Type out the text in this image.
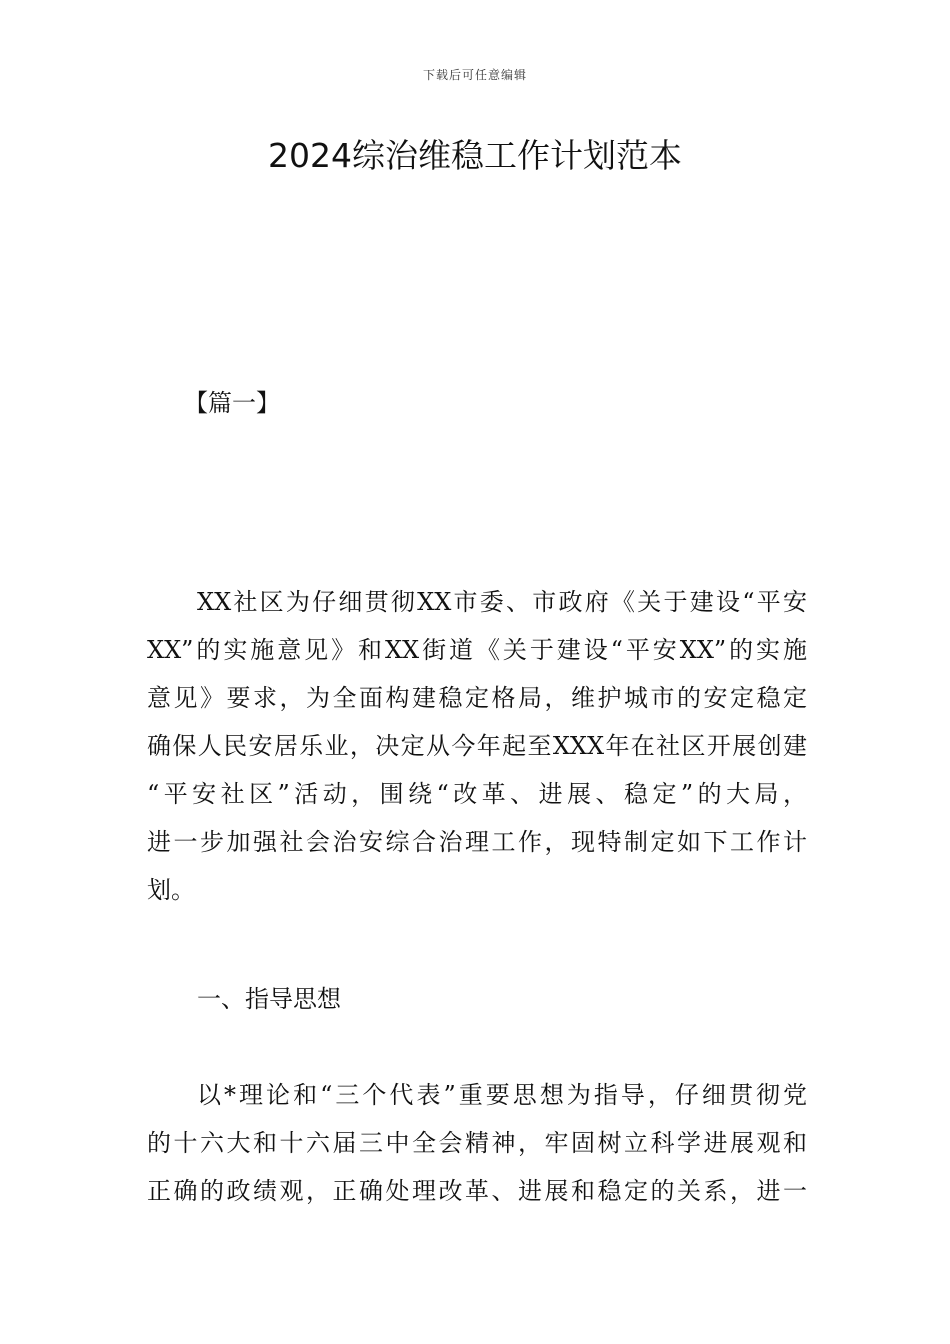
下载后可任意编辑
2024综治维稳工作计划范本
【篇一】
XX社区为仔细贯彻XX市委、市政府《关于建设“平安
XX”的实施意见》和XX街道《关于建设“平安XX”的实施
意见》要求，为全面构建稳定格局，维护城市的安定稳定
确保人民安居乐业，决定从今年起至XXX年在社区开展创建
“平安社区”活动，围绕“改革、进展、稳定”的大局，
进一步加强社会治安综合治理工作，现特制定如下工作计
划。
一、指导思想
以*理论和“三个代表”重要思想为指导，仔细贯彻党
的十六大和十六届三中全会精神，牢固树立科学进展观和
正确的政绩观，正确处理改革、进展和稳定的关系，进一
